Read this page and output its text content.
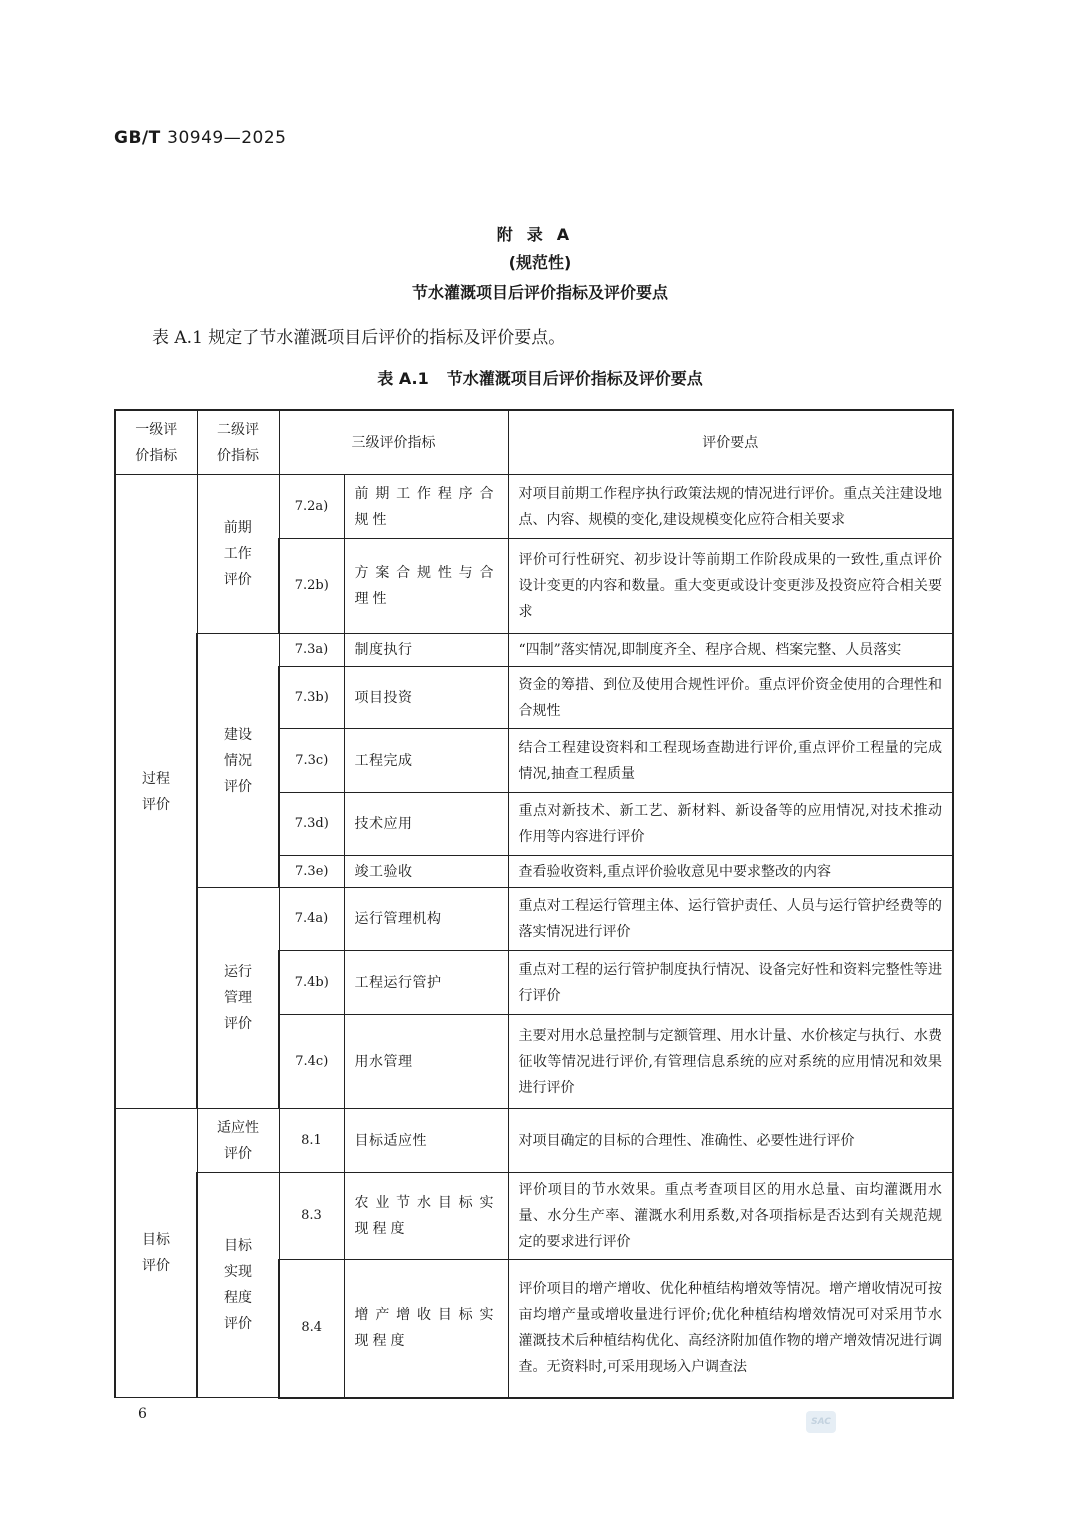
GB/T 30949—2025
附录A
(规范性)
节水灌溉项目后评价指标及评价要点
表 A.1 规定了节水灌溉项目后评价的指标及评价要点。
表 A.1 节水灌溉项目后评价指标及评价要点
一级评价指标	二级评价指标	三级评价指标		评价要点
过程评价	前期工作评价	7.2a)	前期工作程序合规性	对项目前期工作程序执行政策法规的情况进行评价。重点关注建设地点、内容、规模的变化,建设规模变化应符合相关要求
		7.2b)	方案合规性与合理性	评价可行性研究、初步设计等前期工作阶段成果的一致性,重点评价设计变更的内容和数量。重大变更或设计变更涉及投资应符合相关要求
	建设情况评价	7.3a)	制度执行	“四制”落实情况,即制度齐全、程序合规、档案完整、人员落实
		7.3b)	项目投资	资金的筹措、到位及使用合规性评价。重点评价资金使用的合理性和合规性
		7.3c)	工程完成	结合工程建设资料和工程现场查勘进行评价,重点评价工程量的完成情况,抽查工程质量
		7.3d)	技术应用	重点对新技术、新工艺、新材料、新设备等的应用情况,对技术推动作用等内容进行评价
		7.3e)	竣工验收	查看验收资料,重点评价验收意见中要求整改的内容
	运行管理评价	7.4a)	运行管理机构	重点对工程运行管理主体、运行管护责任、人员与运行管护经费等的落实情况进行评价
		7.4b)	工程运行管护	重点对工程的运行管护制度执行情况、设备完好性和资料完整性等进行评价
		7.4c)	用水管理	主要对用水总量控制与定额管理、用水计量、水价核定与执行、水费征收等情况进行评价,有管理信息系统的应对系统的应用情况和效果进行评价
目标评价	适应性评价	8.1	目标适应性	对项目确定的目标的合理性、准确性、必要性进行评价
	目标实现程度评价	8.3	农业节水目标实现程度	评价项目的节水效果。重点考查项目区的用水总量、亩均灌溉用水量、水分生产率、灌溉水利用系数,对各项指标是否达到有关规范规定的要求进行评价
		8.4	增产增收目标实现程度	评价项目的增产增收、优化种植结构增效等情况。增产增收情况可按亩均增产量或增收量进行评价;优化种植结构增效情况可对采用节水灌溉技术后种植结构优化、高经济附加值作物的增产增效情况进行调查。无资料时,可采用现场入户调查法
6	SAC
